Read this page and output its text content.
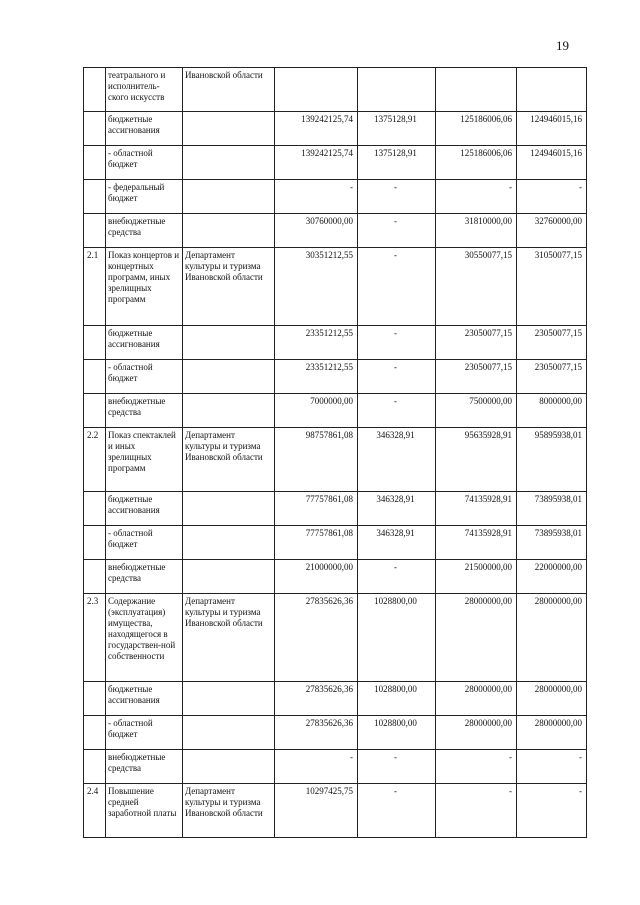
19
	театрального и исполнитель-ского искусств	Ивановской области				
	бюджетные ассигнования		139242125,74	1375128,91	125186006,06	124946015,16
	- областной бюджет		139242125,74	1375128,91	125186006,06	124946015,16
	- федеральный бюджет		-	-	-	-
	внебюджетные средства		30760000,00	-	31810000,00	32760000,00
2.1	Показ концертов и концертных программ, иных зрелищных программ	Департамент культуры и туризма Ивановской области	30351212,55	-	30550077,15	31050077,15
	бюджетные ассигнования		23351212,55	-	23050077,15	23050077,15
	- областной бюджет		23351212,55	-	23050077,15	23050077,15
	внебюджетные средства		7000000,00	-	7500000,00	8000000,00
2.2	Показ спектаклей и иных зрелищных программ	Департамент культуры и туризма Ивановской области	98757861,08	346328,91	95635928,91	95895938,01
	бюджетные ассигнования		77757861,08	346328,91	74135928,91	73895938,01
	- областной бюджет		77757861,08	346328,91	74135928,91	73895938,01
	внебюджетные средства		21000000,00	-	21500000,00	22000000,00
2.3	Содержание (эксплуатация) имущества, находящегося в государствен-ной собственности	Департамент культуры и туризма Ивановской области	27835626,36	1028800,00	28000000,00	28000000,00
	бюджетные ассигнования		27835626,36	1028800,00	28000000,00	28000000,00
	- областной бюджет		27835626,36	1028800,00	28000000,00	28000000,00
	внебюджетные средства		-	-	-	-
2.4	Повышение средней заработной платы	Департамент культуры и туризма Ивановской области	10297425,75	-	-	-
